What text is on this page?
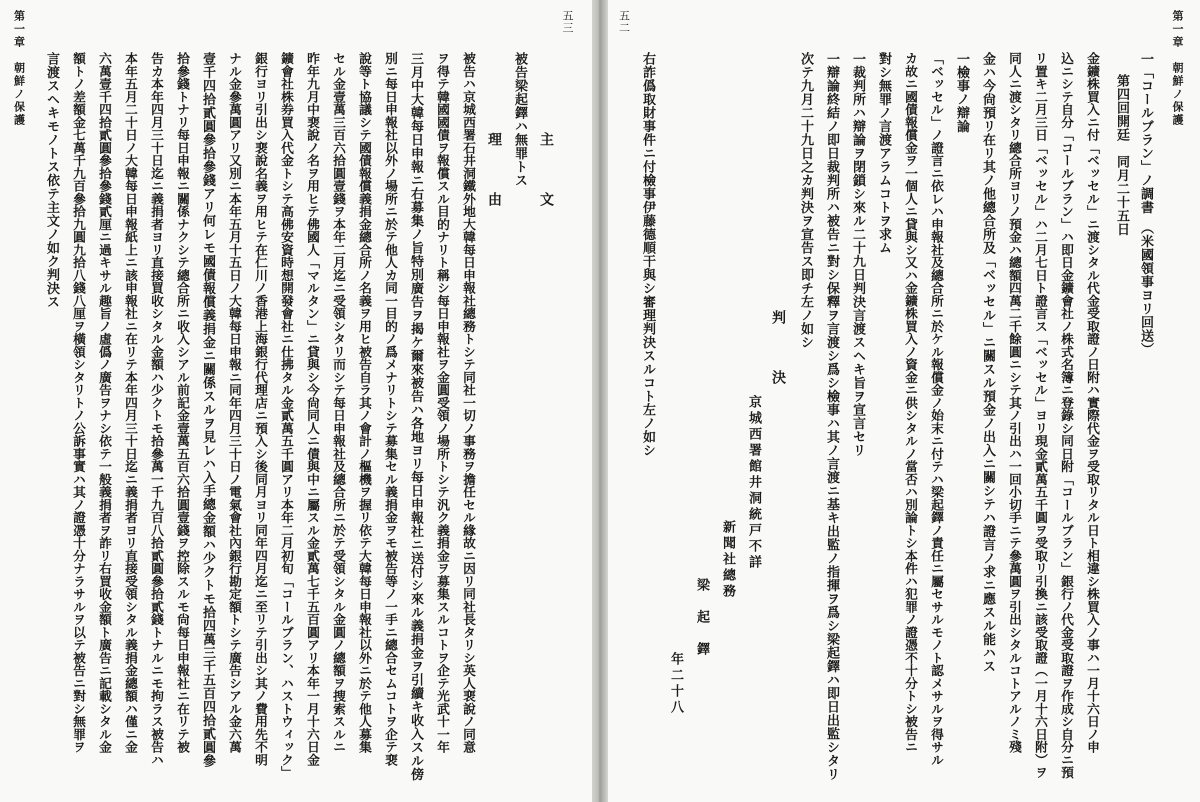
第一章　朝鮮ノ保護
五二
一「コールブラン」ノ調書　（米國領事ヨリ回送）
第四回開廷　同月二十五日
金鑛株買入ニ付「ベッセル」ニ渡シタル代金受取證ノ日附ハ實際代金ヲ受取リタル日ト相違シ株買入ノ事ハ一月十六日ノ申
込ニシテ自分「コールブラン」ハ即日金鑛會社ノ株式名簿ニ登錄シ同日附「コールブラン」銀行ノ代金受取證ヲ作成シ自分ニ預
リ置キ二月三日「ベッセル」ハ二月七日ト證言ス「ベッセル」ヨリ現金貳萬五千圓ヲ受取リ引換ニ該受取證（一月十六日附）ヲ
同人ニ渡シタリ總合所ヨリノ預金ハ總額四萬二千餘圓ニシテ其ノ引出ハ一回小切手ニテ參萬圓ヲ引出シタルコトアルノミ殘
金ハ今尙預リ在リ其ノ他總合所及「ベッセル」ニ關スル預金ノ出入ニ關シテハ證言ノ求ニ應スル能ハス
一檢事ノ辯論
「ベッセル」ノ證言ニ依レハ申報社及總合所ニ於ケル報償金ノ始末ニ付テハ梁起鐸ノ責任ニ屬セサルモノト認メサルヲ得サル
カ故ニ國債報償金ヲ一個人ニ貸與シ又ハ金鑛株買入ノ資金ニ供シタルノ當否ハ別論トシ本件ハ犯罪ノ證憑不十分トシ被告ニ
對シ無罪ノ言渡アラムコトヲ求ム
一裁判所ハ辯論ヲ閉鎖シ來ル二十九日判決言渡スヘキ旨ヲ宣言セリ
一辯論終結ノ即日裁判所ハ被告ニ對シ保釋ヲ言渡シ爲シ檢事ハ其ノ言渡ニ基キ出監ノ指揮ヲ爲シ梁起鐸ハ即日出監シタリ
次テ九月二十九日之カ判決ヲ宣告ス即チ左ノ如シ
判　　決
京城西署館井洞統戸不詳
新聞社總務
梁　起　鐸
年二十八
右詐僞取財事件ニ付檢事伊藤德順干與シ審理判決スルコト左ノ如シ
第一章　朝鮮ノ保護	五三
主　　文
被告梁起鐸ハ無罪トス
理　　由
被告ハ京城西署石井洞鐵外地大韓每日申報社總務トシテ同社一切ノ事務ヲ擔任セル緣故ニ因リ同社長タリシ英人裵說ノ同意
ヲ得テ韓國國債ヲ報償スル目的ナリト稱シ每日申報社ヲ金圓受領ノ場所トシテ汎ク義捐金ヲ募集スルコトヲ企テ光武十一年
三月中大韓每日申報ニ右募集ノ旨特別廣告ヲ揭ケ爾來被告ハ各地ヨリ每日申報社ニ送付シ來ル義捐金ヲ引續キ收入スル傍
別ニ每日申報社以外ノ場所ニ於テ他人カ同一目的ノ爲メナリトシテ募集セル義捐金ヲモ被告等ノ一手ニ總合セムコトヲ企テ裵
說等ト協議シテ國債報償義捐金總合所ノ名義ヲ用ヒ被告自ラ其ノ會計ノ樞機ヲ握リ依テ大韓每日申報社以外ニ於テ他人募集
セル金壹萬三百六拾圓壹錢ヲ本年二月迄ニ受領シタリ而シテ每日申報社及總合所ニ於テ受領シタル金圓ノ總額ヲ捜索スルニ
昨年九月中裵說ノ名ヲ用ヒテ佛國人「マルタン」ニ貸與シ今尙同人ニ債與中ニ屬スル金貳萬七千五百圓アリ本年一月十六日金
鑛會社株券買入代金トシテ高佛安資時想開發會社ニ仕拂タル金貳萬五千圓アリ本年二月初旬「コールブラン、ハストウィック」
銀行ヨリ引出シ裵說名義ヲ用ヒテ在仁川ノ香港上海銀行代理店ニ預入シ後同月ヨリ同年四月迄ニ至リテ引出シ其ノ費用先不明
ナル金參萬圓アリ又別ニ本年五月十五日ノ大韓每日申報ニ同年四月三十日ノ電氣會社內銀行勘定額トシテ廣告シアル金六萬
壹千四拾貳圓參拾參錢アリ何レモ國債報償義捐金ニ關係スルヲ見レハ入手總金額ハ少クトモ拾四萬三千五百四拾貳圓參
拾參錢トナリ每日申報ニ關係ナクシテ總合所ニ收入シアル前記金壹萬五百六拾圓壹錢ヲ控除スルモ尙每日申報社ニ在リテ被
告カ本年四月三十日迄ニ義捐者ヨリ直接買收シタル金額ハ少クトモ拾參萬一千九百八拾貳圓參拾貳錢トナルニモ拘ラス被告ハ
本年五月二十日ノ大韓每日申報紙上ニ該申報社ニ在リテ本年四月三十日迄ニ義捐者ヨリ直接受領シタル義捐金總額ハ僅ニ金
六萬壹千四拾貳圓參拾參錢貳厘ニ過キサル趣旨ノ虛僞ノ廣告ヲナシ依テ一般義捐者ヲ詐リ右買收金額ト廣告ニ記載シタル金
額トノ差額金七萬千九百參拾九圓九拾八錢八厘ヲ橫領シタリトノ公訴事實ハ其ノ證憑十分ナラサルヲ以テ被告ニ對シ無罪ヲ
言渡スヘキモノトス依テ主文ノ如ク判決ス
